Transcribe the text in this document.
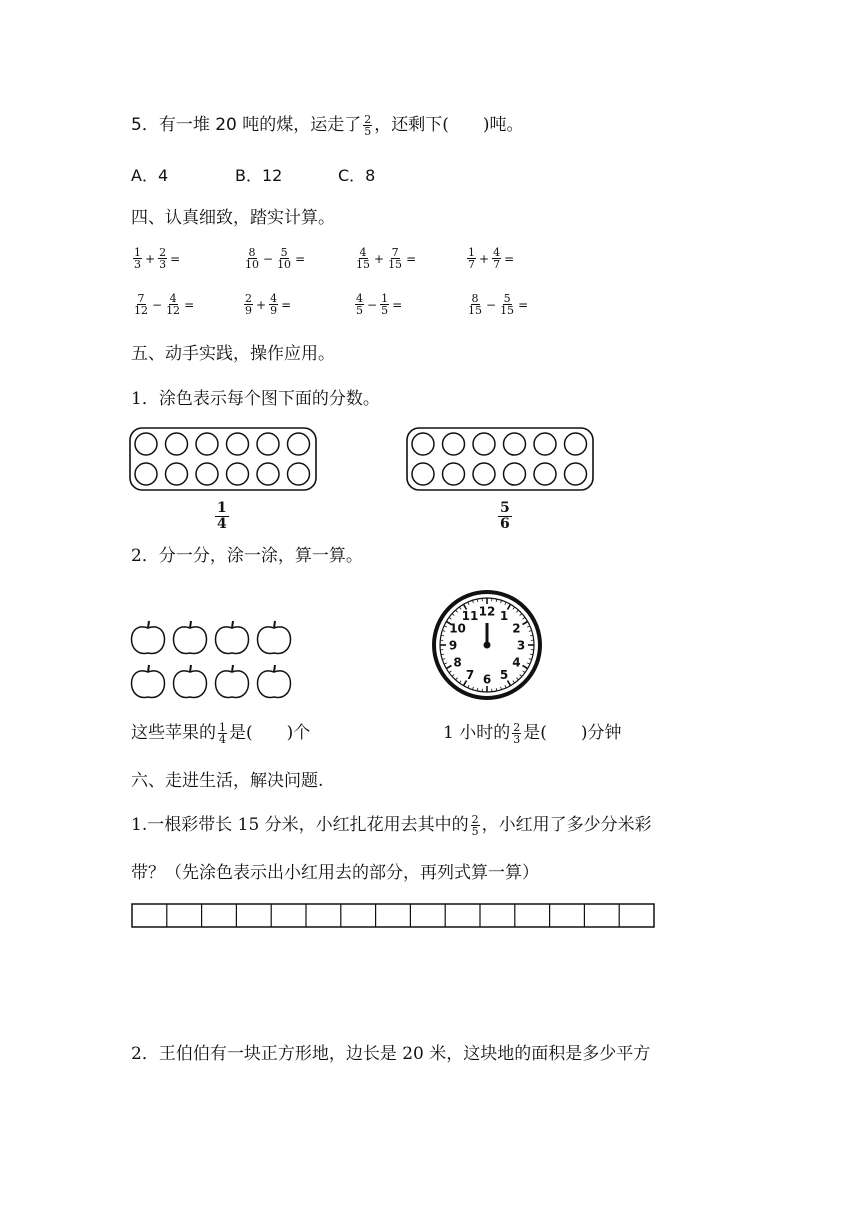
5．有一堆 20 吨的煤，运走了 $\frac{2}{5}$ ，还剩下(　　)吨。
A．4	B．12	C．8
四、认真细致，踏实计算。
$\frac{1}{3} + \frac{2}{3}$ =	$\frac{8}{10} - \frac{5}{10}$ =	$\frac{4}{15} + \frac{7}{15}$ =	$\frac{1}{7} + \frac{4}{7}$ =
$\frac{7}{12} - \frac{4}{12}$ =	$\frac{2}{9} + \frac{4}{9}$ =	$\frac{4}{5} - \frac{1}{5}$ =	$\frac{8}{15} - \frac{5}{15}$ =
五、动手实践，操作应用。
1．涂色表示每个图下面的分数。
$\frac{1}{4}$	$\frac{5}{6}$
2．分一分，涂一涂，算一算。
12 1
2
3
4
5
6
7
8
9
10
11
这些苹果的 $\frac{1}{4}$ 是(　　)个	1 小时的 $\frac{2}{3}$ 是(　　)分钟
六、走进生活，解决问题.
1.一根彩带长 15 分米，小红扎花用去其中的 $\frac{2}{5}$ ，小红用了多少分米彩
带？（先涂色表示出小红用去的部分，再列式算一算）
2．王伯伯有一块正方形地，边长是 20 米，这块地的面积是多少平方
